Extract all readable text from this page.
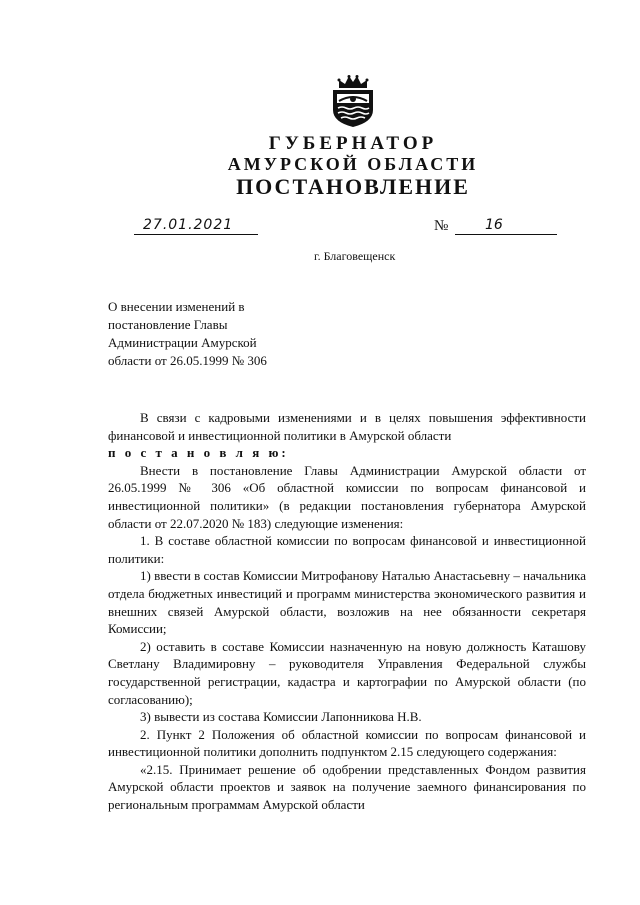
ГУБЕРНАТОР
АМУРСКОЙ ОБЛАСТИ
ПОСТАНОВЛЕНИЕ
27.01.2021	№	16
г. Благовещенск
О внесении изменений в
постановление Главы
Администрации Амурской
области от 26.05.1999 № 306

В связи с кадровыми изменениями и в целях повышения эффективности финансовой и инвестиционной политики в Амурской области

п о с т а н о в л я ю:

Внести в постановление Главы Администрации Амурской области от 26.05.1999 № 306 «Об областной комиссии по вопросам финансовой и инвестиционной политики» (в редакции постановления губернатора Амурской области от 22.07.2020 № 183) следующие изменения:

1. В составе областной комиссии по вопросам финансовой и инвестиционной политики:

1) ввести в состав Комиссии Митрофанову Наталью Анастасьевну – начальника отдела бюджетных инвестиций и программ министерства экономического развития и внешних связей Амурской области, возложив на нее обязанности секретаря Комиссии;

2) оставить в составе Комиссии назначенную на новую должность Каташову Светлану Владимировну – руководителя Управления Федеральной службы государственной регистрации, кадастра и картографии по Амурской области (по согласованию);

3) вывести из состава Комиссии Лапонникова Н.В.

2. Пункт 2 Положения об областной комиссии по вопросам финансовой и инвестиционной политики дополнить подпунктом 2.15 следующего содержания:

«2.15. Принимает решение об одобрении представленных Фондом развития Амурской области проектов и заявок на получение заемного финансирования по региональным программам Амурской области
